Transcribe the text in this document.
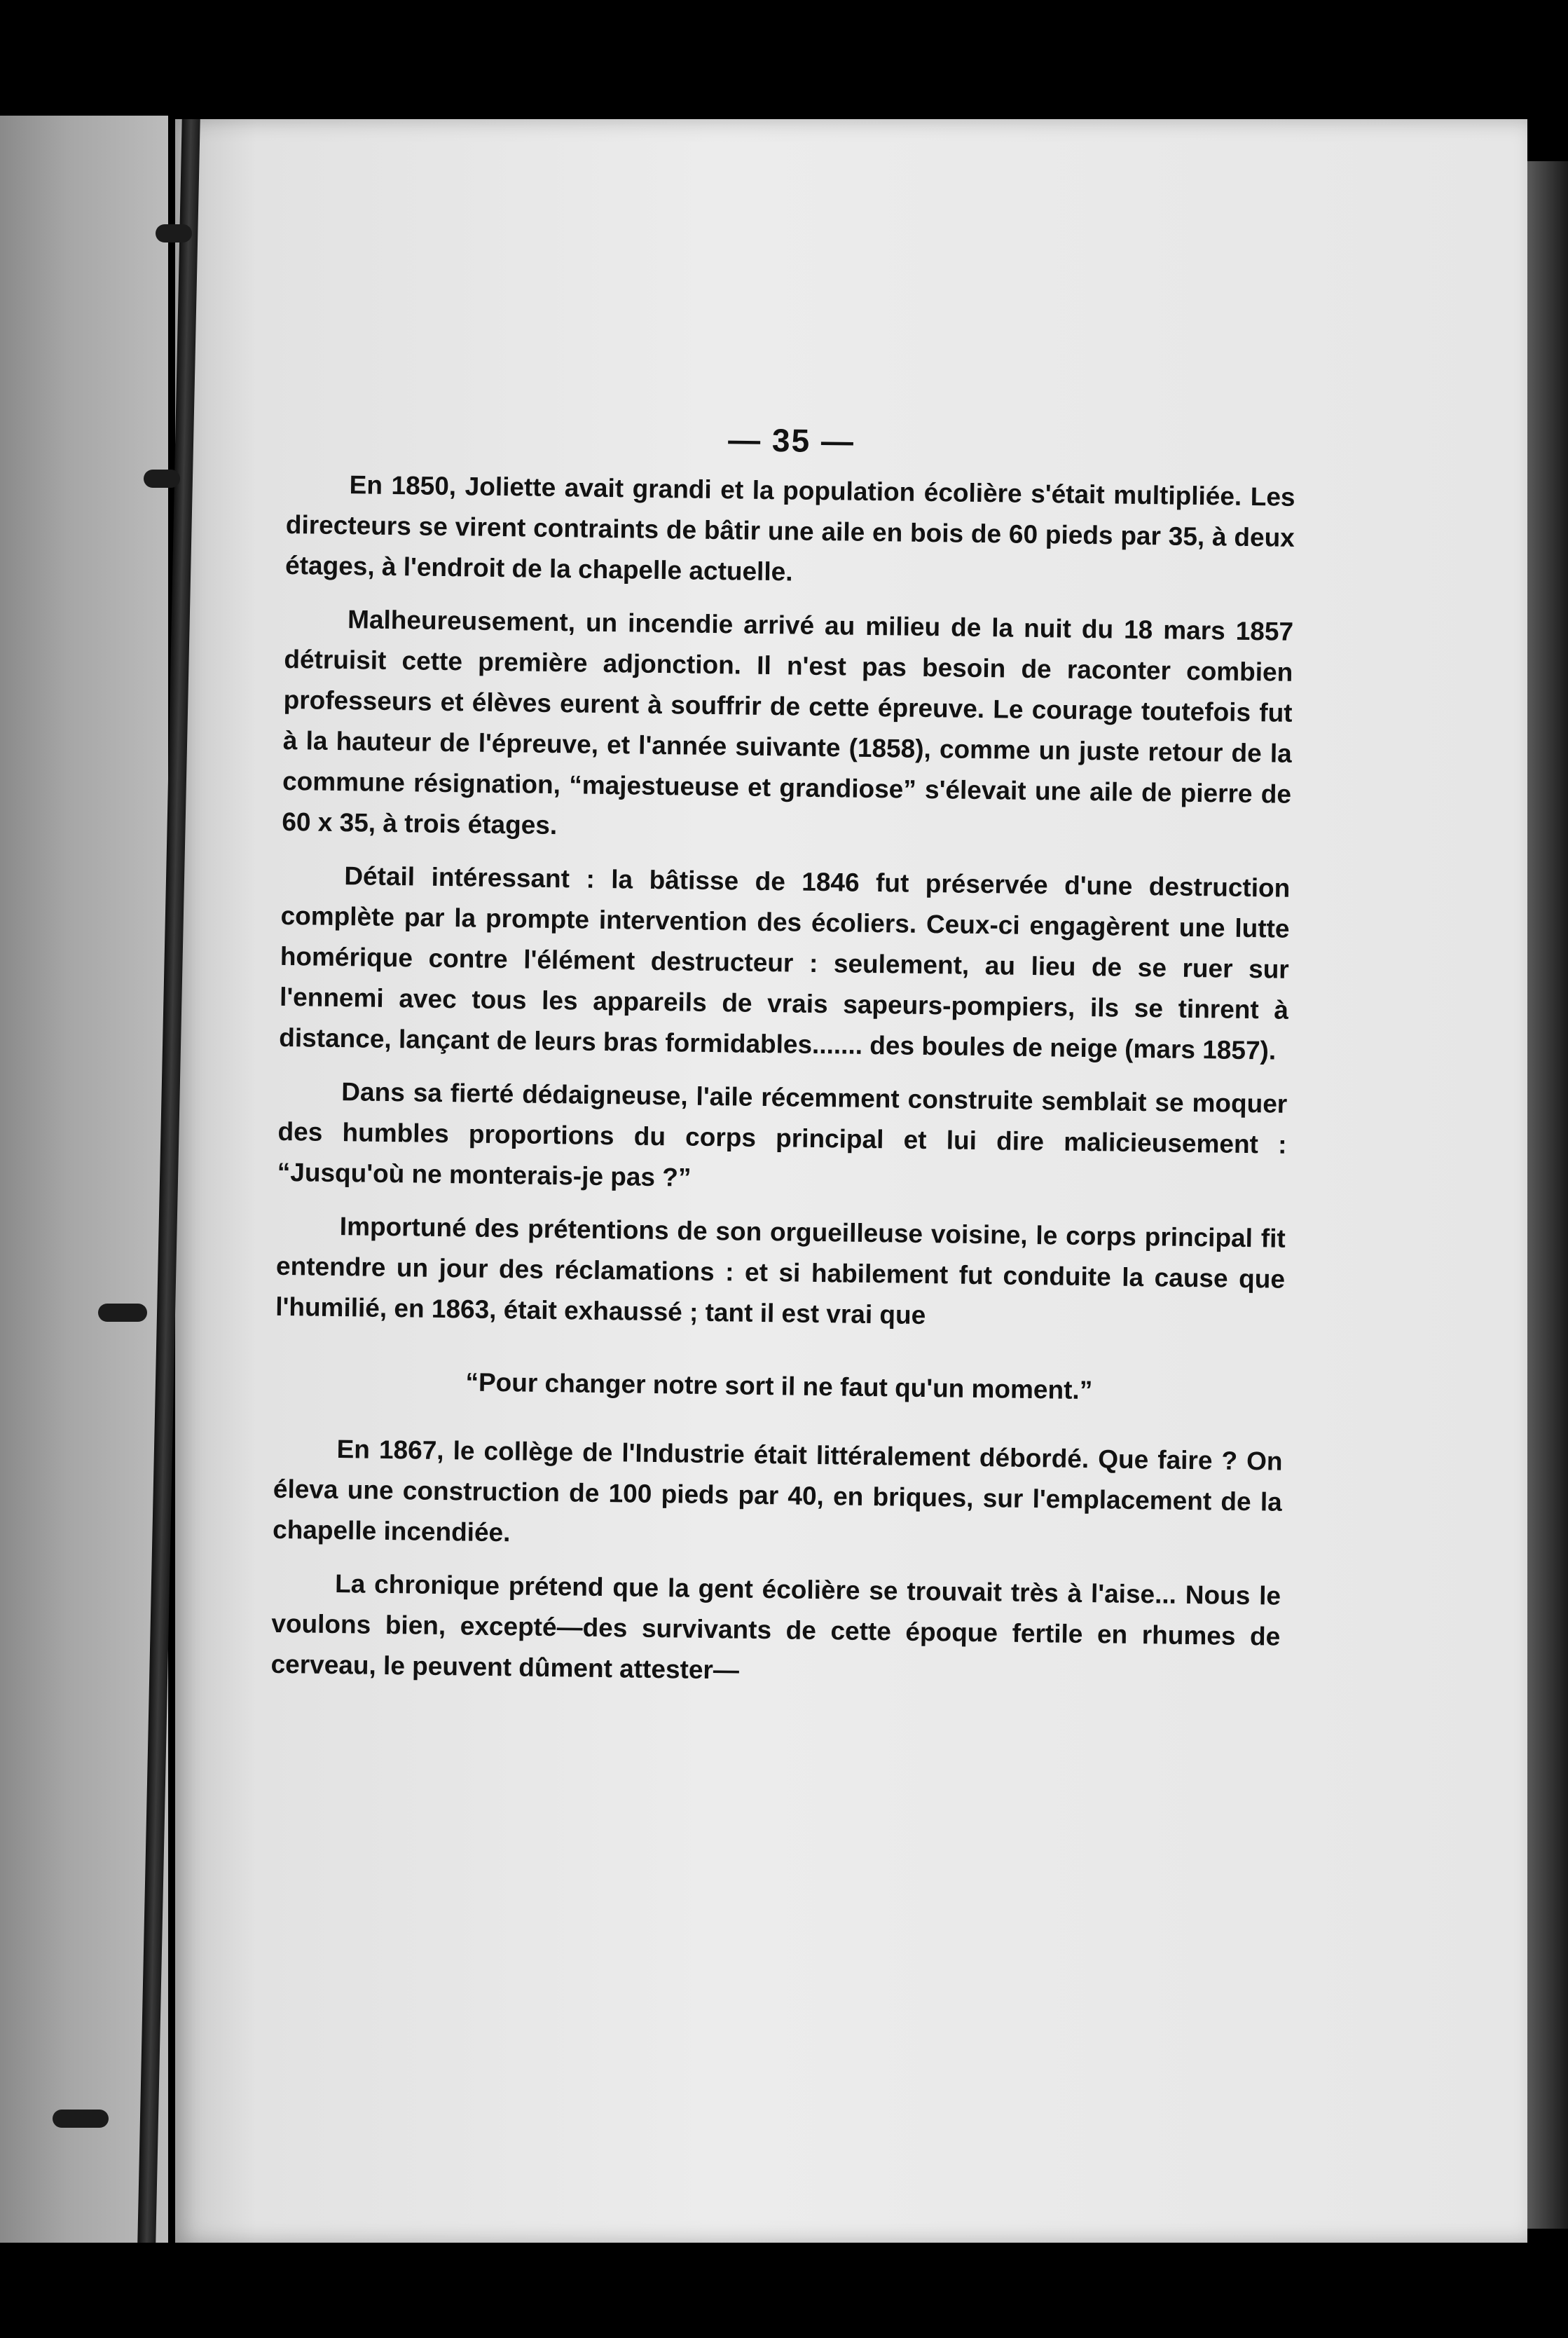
— 35 —

En 1850, Joliette avait grandi et la population écolière s'était multipliée. Les directeurs se virent contraints de bâtir une aile en bois de 60 pieds par 35, à deux étages, à l'endroit de la chapelle actuelle.

Malheureusement, un incendie arrivé au milieu de la nuit du 18 mars 1857 détruisit cette première adjonction. Il n'est pas besoin de raconter combien professeurs et élèves eurent à souffrir de cette épreuve. Le courage toutefois fut à la hauteur de l'épreuve, et l'année suivante (1858), comme un juste retour de la commune résignation, “majestueuse et grandiose” s'élevait une aile de pierre de 60 x 35, à trois étages.

Détail intéressant : la bâtisse de 1846 fut préservée d'une destruction complète par la prompte intervention des écoliers. Ceux-ci engagèrent une lutte homérique contre l'élément destructeur : seulement, au lieu de se ruer sur l'ennemi avec tous les appareils de vrais sapeurs-pompiers, ils se tinrent à distance, lançant de leurs bras formidables....... des boules de neige (mars 1857).

Dans sa fierté dédaigneuse, l'aile récemment construite semblait se moquer des humbles proportions du corps principal et lui dire malicieusement : “Jusqu'où ne monterais-je pas ?”

Importuné des prétentions de son orgueilleuse voisine, le corps principal fit entendre un jour des réclamations : et si habilement fut conduite la cause que l'humilié, en 1863, était exhaussé ; tant il est vrai que

“Pour changer notre sort il ne faut qu'un moment.”

En 1867, le collège de l'Industrie était littéralement débordé. Que faire ? On éleva une construction de 100 pieds par 40, en briques, sur l'emplacement de la chapelle incendiée.

La chronique prétend que la gent écolière se trouvait très à l'aise... Nous le voulons bien, excepté—des survivants de cette époque fertile en rhumes de cerveau, le peuvent dûment attester—
